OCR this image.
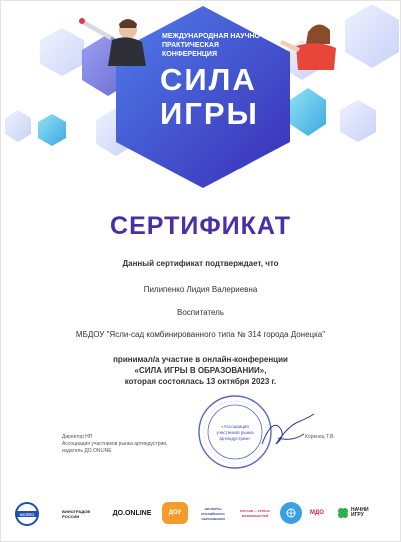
МЕЖДУНАРОДНАЯ НАУЧНО-ПРАКТИЧЕСКАЯ КОНФЕРЕНЦИЯ
СИЛА
ИГРЫ
СЕРТИФИКАТ
Данный сертификат подтверждает, что
Пилипенко Лидия Валериевна
Воспитатель
МБДОУ "Ясли-сад комбинированного типа № 314 города Донецка"
принимал/а участие в онлайн-конференции
«СИЛА ИГРЫ В ОБРАЗОВАНИИ»,
которая состоялась 13 октября 2023 г.
Директор НП
Ассоциация участников рынка артиндустрии,
издатель ДО.ONLINE
«Ассоциация
участников рынка
артиндустрии»	Коренец Т.В.
НСППО	ВИНОГРАДОВ РОССИИ	ДО.ONLINE	ДОУ
ЭКСПЕРТЫ РОССИЙСКОГО ОБРАЗОВАНИЯ
РОССИЯ — СТРАНА ВОЗМОЖНОСТЕЙ
МДО	НАЧНИ ИГРУ
